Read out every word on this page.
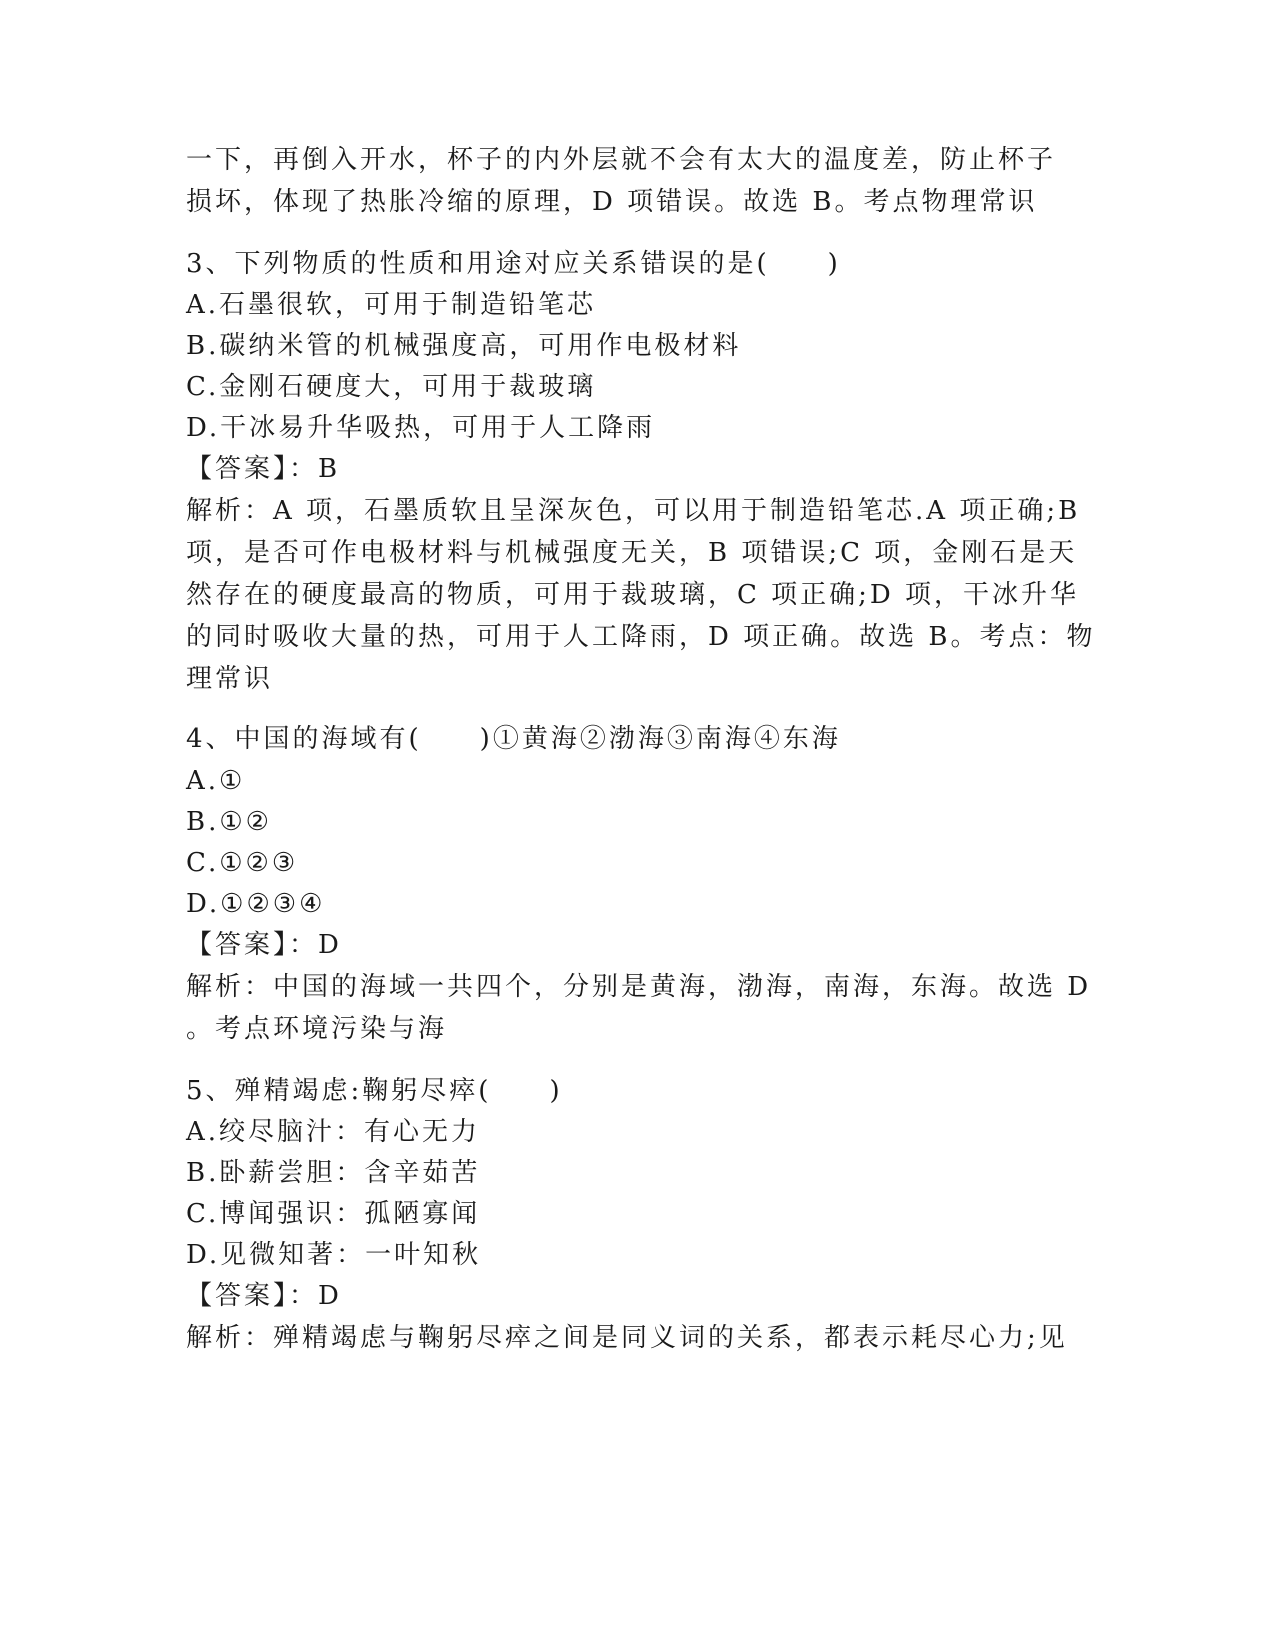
一下，再倒入开水，杯子的内外层就不会有太大的温度差，防止杯子
损坏，体现了热胀冷缩的原理，D 项错误。故选 B。考点物理常识
3、下列物质的性质和用途对应关系错误的是(　　)
A.石墨很软，可用于制造铅笔芯
B.碳纳米管的机械强度高，可用作电极材料
C.金刚石硬度大，可用于裁玻璃
D.干冰易升华吸热，可用于人工降雨
【答案】：B
解析：A 项，石墨质软且呈深灰色，可以用于制造铅笔芯.A 项正确;B
项，是否可作电极材料与机械强度无关，B 项错误;C 项，金刚石是天
然存在的硬度最高的物质，可用于裁玻璃，C 项正确;D 项，干冰升华
的同时吸收大量的热，可用于人工降雨，D 项正确。故选 B。考点：物
理常识
4、中国的海域有(　　)①黄海②渤海③南海④东海
A.①
B.①②
C.①②③
D.①②③④
【答案】：D
解析：中国的海域一共四个，分别是黄海，渤海，南海，东海。故选 D
。考点环境污染与海
5、殚精竭虑:鞠躬尽瘁(　　)
A.绞尽脑汁：有心无力
B.卧薪尝胆：含辛茹苦
C.博闻强识：孤陋寡闻
D.见微知著：一叶知秋
【答案】：D
解析：殚精竭虑与鞠躬尽瘁之间是同义词的关系，都表示耗尽心力;见
